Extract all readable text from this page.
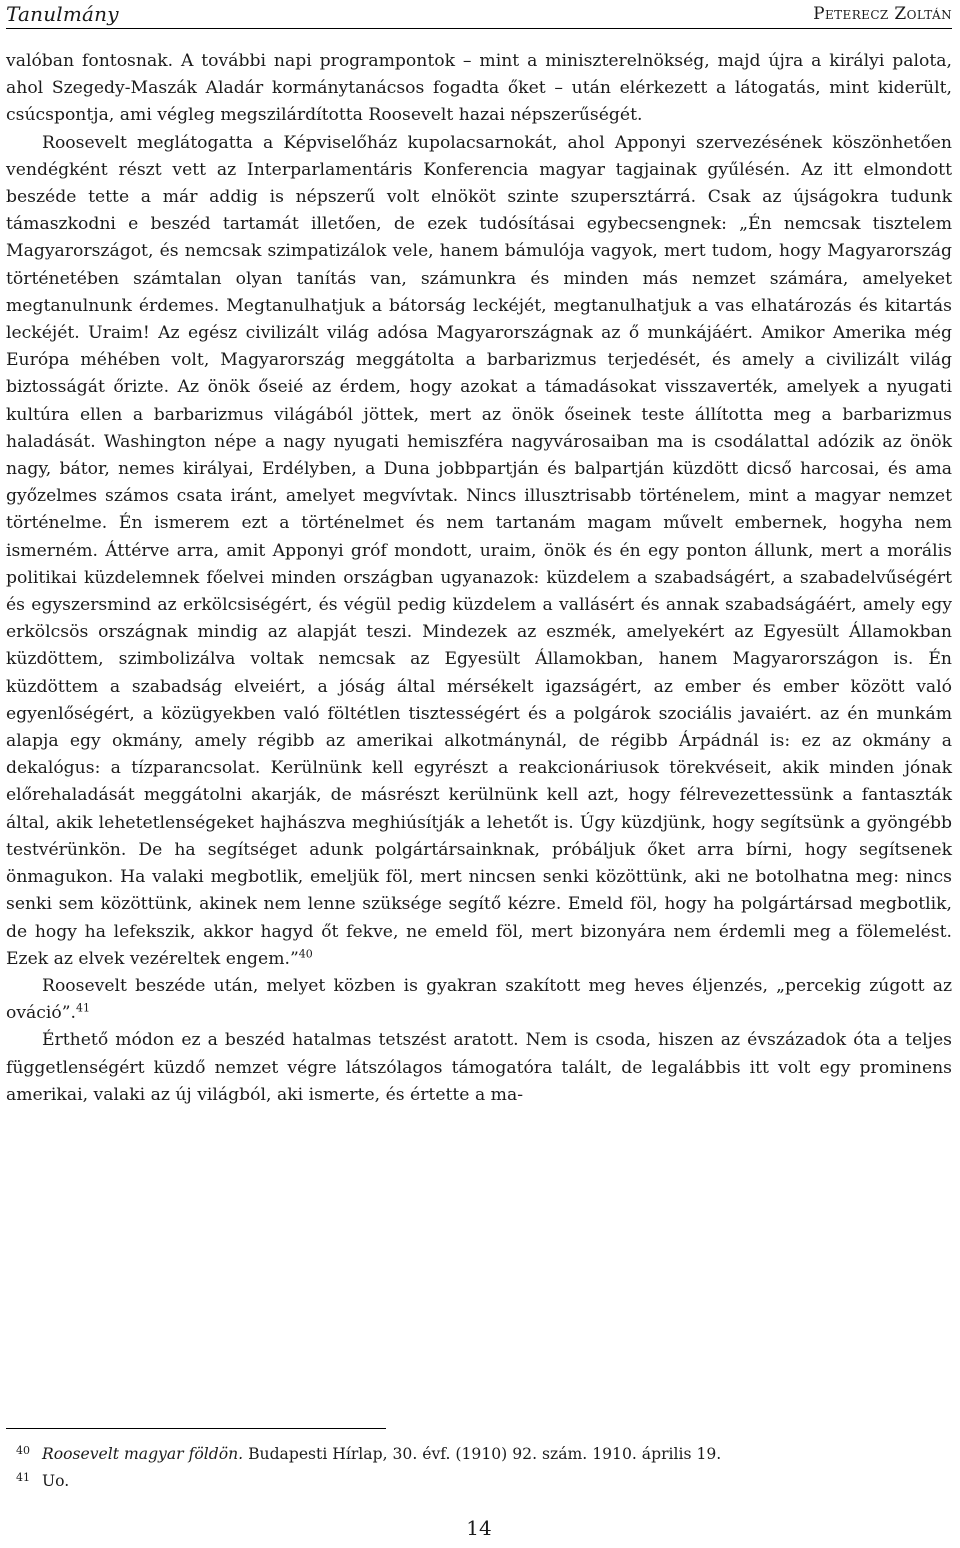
Tanulmány	Peterecz Zoltán

valóban fontosnak. A további napi programpontok – mint a miniszterelnökség, majd újra a királyi palota, ahol Szegedy-Maszák Aladár kormánytanácsos fogadta őket – után elérkezett a látogatás, mint kiderült, csúcspontja, ami végleg megszilárdította Roosevelt hazai népszerűségét.

Roosevelt meglátogatta a Képviselőház kupolacsarnokát, ahol Apponyi szervezésének köszönhetően vendégként részt vett az Interparlamentáris Konferencia magyar tagjainak gyűlésén. Az itt elmondott beszéde tette a már addig is népszerű volt elnököt szinte szupersztárrá. Csak az újságokra tudunk támaszkodni e beszéd tartamát illetően, de ezek tudósításai egybecsengnek: „Én nemcsak tisztelem Magyarországot, és nemcsak szimpatizálok vele, hanem bámulója vagyok, mert tudom, hogy Magyarország történetében számtalan olyan tanítás van, számunkra és minden más nemzet számára, amelyeket megtanulnunk érdemes. Megtanulhatjuk a bátorság leckéjét, megtanulhatjuk a vas elhatározás és kitartás leckéjét. Uraim! Az egész civilizált világ adósa Magyarországnak az ő munkájáért. Amikor Amerika még Európa méhében volt, Magyarország meggátolta a barbarizmus terjedését, és amely a civilizált világ biztosságát őrizte. Az önök őseié az érdem, hogy azokat a támadásokat visszaverték, amelyek a nyugati kultúra ellen a barbarizmus világából jöttek, mert az önök őseinek teste állította meg a barbarizmus haladását. Washington népe a nagy nyugati hemiszféra nagyvárosaiban ma is csodálattal adózik az önök nagy, bátor, nemes királyai, Erdélyben, a Duna jobbpartján és balpartján küzdött dicső harcosai, és ama győzelmes számos csata iránt, amelyet megvívtak. Nincs illusztrisabb történelem, mint a magyar nemzet történelme. Én ismerem ezt a történelmet és nem tartanám magam művelt embernek, hogyha nem ismerném. Áttérve arra, amit Apponyi gróf mondott, uraim, önök és én egy ponton állunk, mert a morális politikai küzdelemnek főelvei minden országban ugyanazok: küzdelem a szabadságért, a szabadelvűségért és egyszersmind az erkölcsiségért, és végül pedig küzdelem a vallásért és annak szabadságáért, amely egy erkölcsös országnak mindig az alapját teszi. Mindezek az eszmék, amelyekért az Egyesült Államokban küzdöttem, szimbolizálva voltak nemcsak az Egyesült Államokban, hanem Magyarországon is. Én küzdöttem a szabadság elveiért, a jóság által mérsékelt igazságért, az ember és ember között való egyenlőségért, a közügyekben való föltétlen tisztességért és a polgárok szociális javaiért. az én munkám alapja egy okmány, amely régibb az amerikai alkotmánynál, de régibb Árpádnál is: ez az okmány a dekalógus: a tízparancsolat. Kerülnünk kell egyrészt a reakcionáriusok törekvéseit, akik minden jónak előrehaladását meggátolni akarják, de másrészt kerülnünk kell azt, hogy félrevezettessünk a fantaszták által, akik lehetetlenségeket hajhászva meghiúsítják a lehetőt is. Úgy küzdjünk, hogy segítsünk a gyöngébb testvérünkön. De ha segítséget adunk polgártársainknak, próbáljuk őket arra bírni, hogy segítsenek önmagukon. Ha valaki megbotlik, emeljük föl, mert nincsen senki közöttünk, aki ne botolhatna meg: nincs senki sem közöttünk, akinek nem lenne szüksége segítő kézre. Emeld föl, hogy ha polgártársad megbotlik, de hogy ha lefekszik, akkor hagyd őt fekve, ne emeld föl, mert bizonyára nem érdemli meg a fölemelést. Ezek az elvek vezéreltek engem.”$^{40}$

Roosevelt beszéde után, melyet közben is gyakran szakított meg heves éljenzés, „percekig zúgott az ováció”.$^{41}$

Érthető módon ez a beszéd hatalmas tetszést aratott. Nem is csoda, hiszen az évszázadok óta a teljes függetlenségért küzdő nemzet végre látszólagos támogatóra talált, de legalábbis itt volt egy prominens amerikai, valaki az új világból, aki ismerte, és értette a ma-

40 Roosevelt magyar földön. Budapesti Hírlap, 30. évf. (1910) 92. szám. 1910. április 19.
41 Uo.
14
